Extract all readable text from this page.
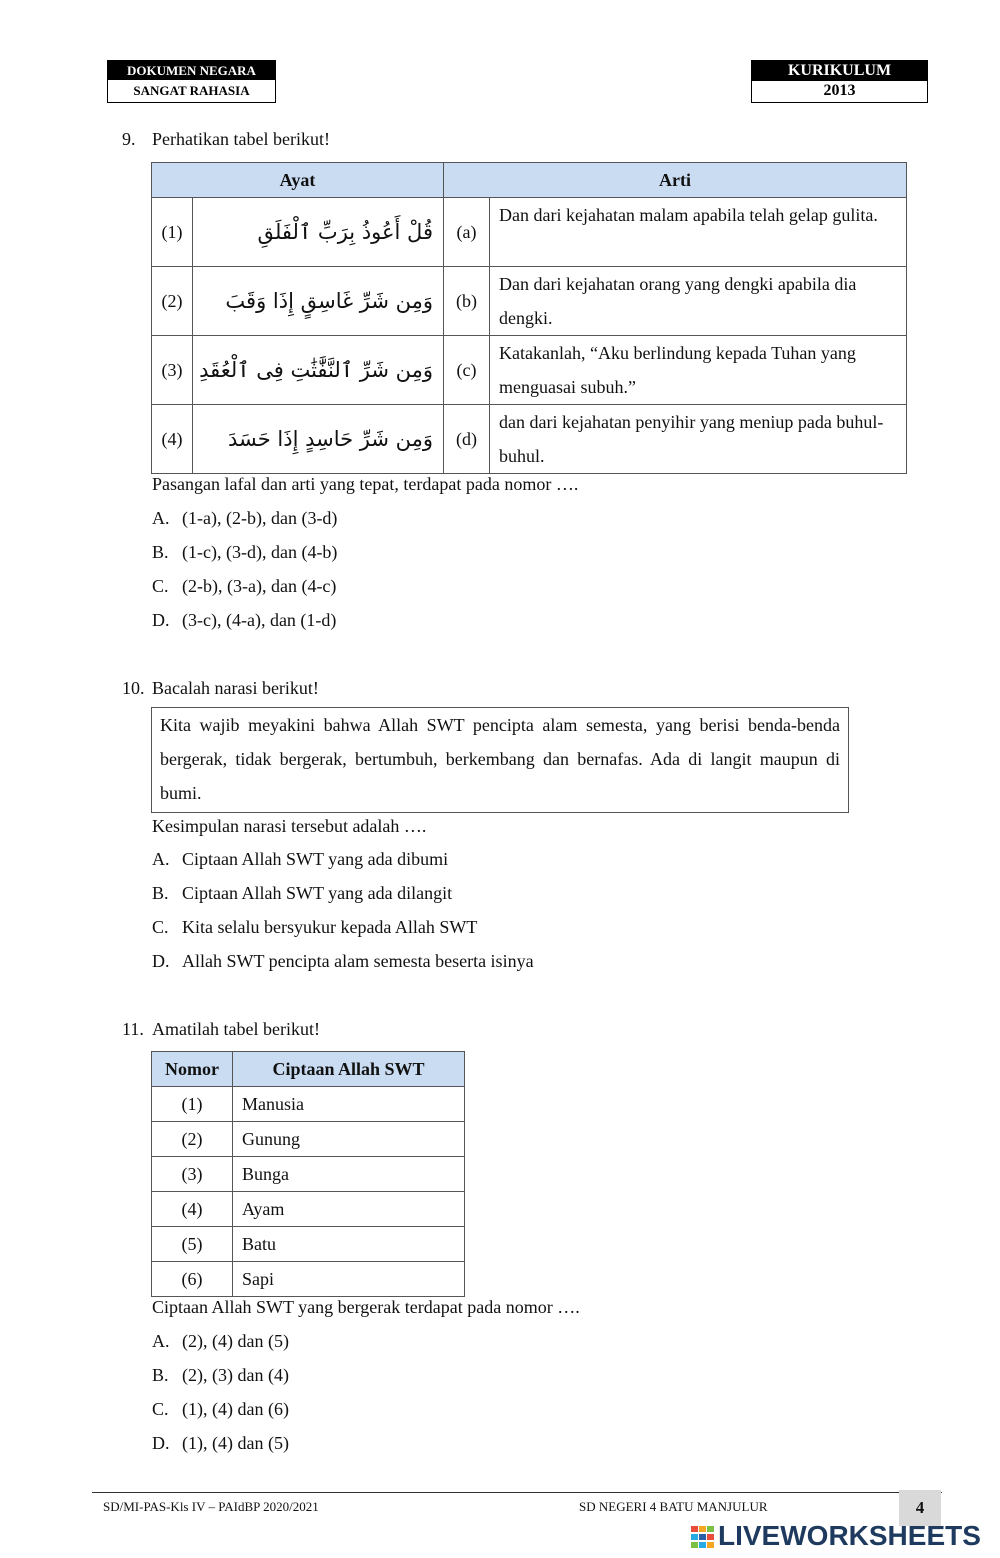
DOKUMEN NEGARA
SANGAT RAHASIA
KURIKULUM
2013
9. Perhatikan tabel berikut!
Ayat		Arti	
(1)	قُلْ أَعُوذُ بِرَبِّ ٱلْفَلَقِ	(a)	Dan dari kejahatan malam apabila telah gelap gulita.
(2)	وَمِن شَرِّ غَاسِقٍ إِذَا وَقَبَ	(b)	Dan dari kejahatan orang yang dengki apabila dia dengki.
(3)	وَمِن شَرِّ ٱلنَّفَّٰثَٰتِ فِى ٱلْعُقَدِ	(c)	Katakanlah, “Aku berlindung kepada Tuhan yang menguasai subuh.”
(4)	وَمِن شَرِّ حَاسِدٍ إِذَا حَسَدَ	(d)	dan dari kejahatan penyihir yang meniup pada buhul-buhul.
Pasangan lafal dan arti yang tepat, terdapat pada nomor ….
A. (1-a), (2-b), dan (3-d)
B. (1-c), (3-d), dan (4-b)
C. (2-b), (3-a), dan (4-c)
D. (3-c), (4-a), dan (1-d)
10. Bacalah narasi berikut!
Kita wajib meyakini bahwa Allah SWT pencipta alam semesta, yang berisi benda-benda bergerak, tidak bergerak, bertumbuh, berkembang dan bernafas. Ada di langit maupun di bumi.
Kesimpulan narasi tersebut adalah ….
A. Ciptaan Allah SWT yang ada dibumi
B. Ciptaan Allah SWT yang ada dilangit
C. Kita selalu bersyukur kepada Allah SWT
D. Allah SWT pencipta alam semesta beserta isinya
11. Amatilah tabel berikut!
Nomor	Ciptaan Allah SWT
(1)	Manusia
(2)	Gunung
(3)	Bunga
(4)	Ayam
(5)	Batu
(6)	Sapi
Ciptaan Allah SWT yang bergerak terdapat pada nomor ….
A. (2), (4) dan (5)
B. (2), (3) dan (4)
C. (1), (4) dan (6)
D. (1), (4) dan (5)
SD/MI-PAS-Kls IV – PAIdBP 2020/2021	SD NEGERI 4 BATU MANJULUR	4
LIVEWORKSHEETS
